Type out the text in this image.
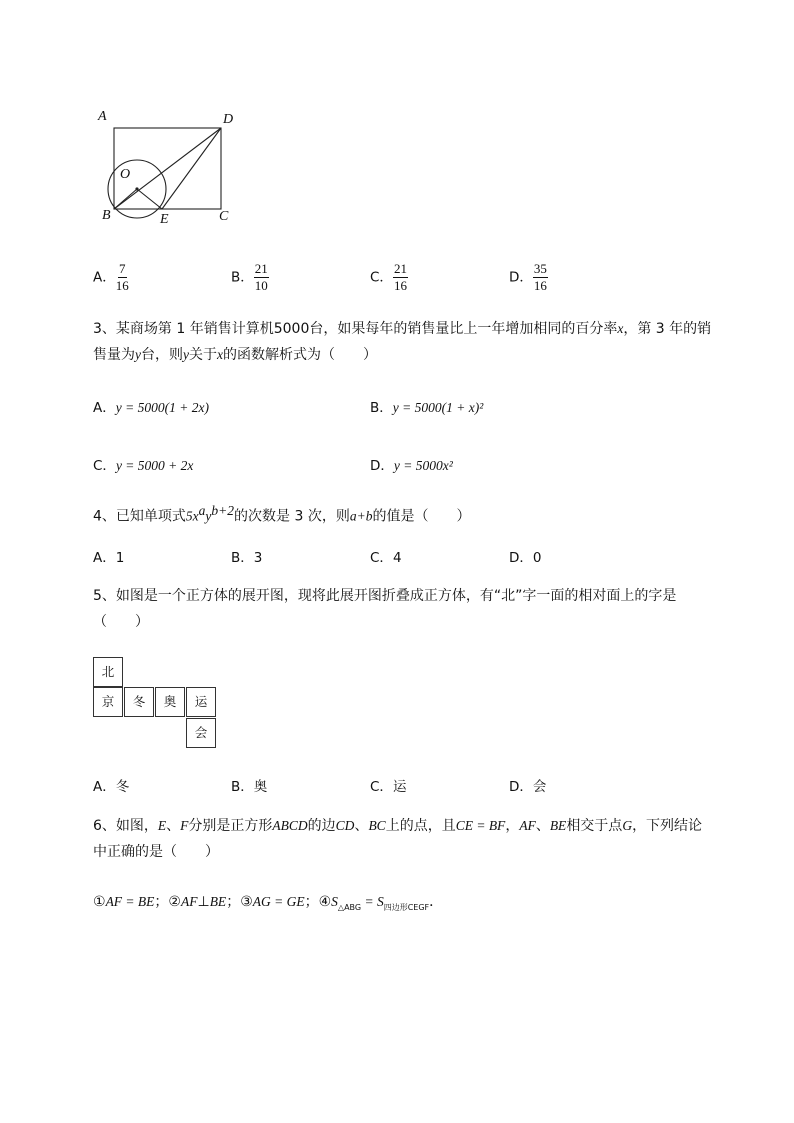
A	D
O
B	E	C
A． $\frac{7}{16}$	B． $\frac{21}{10}$	C． $\frac{21}{16}$	D． $\frac{35}{16}$
3、某商场第 1 年销售计算机5000台，如果每年的销售量比上一年增加相同的百分率x，第 3 年的销
售量为y台，则y关于x的函数解析式为（　　）
A．y = 5000(1 + 2x)	B．y = 5000(1 + x)²
C．y = 5000 + 2x	D．y = 5000x²
4、已知单项式$5x^ay^{b+2}$的次数是 3 次，则a+b的值是（　　）
A．1	B．3	C．4	D．0
5、如图是一个正方体的展开图，现将此展开图折叠成正方体，有“北”字一面的相对面上的字是
（　　）
北
京	冬	奥	运
会
A．冬	B．奥	C．运	D．会
6、如图，E、F分别是正方形ABCD的边CD、BC上的点，且CE = BF，AF、BE相交于点G，下列结论
中正确的是（　　）
①AF = BE；②AF⊥BE；③AG = GE；$④S_{\triangle ABG} = S_{四边形CEGF}$．
